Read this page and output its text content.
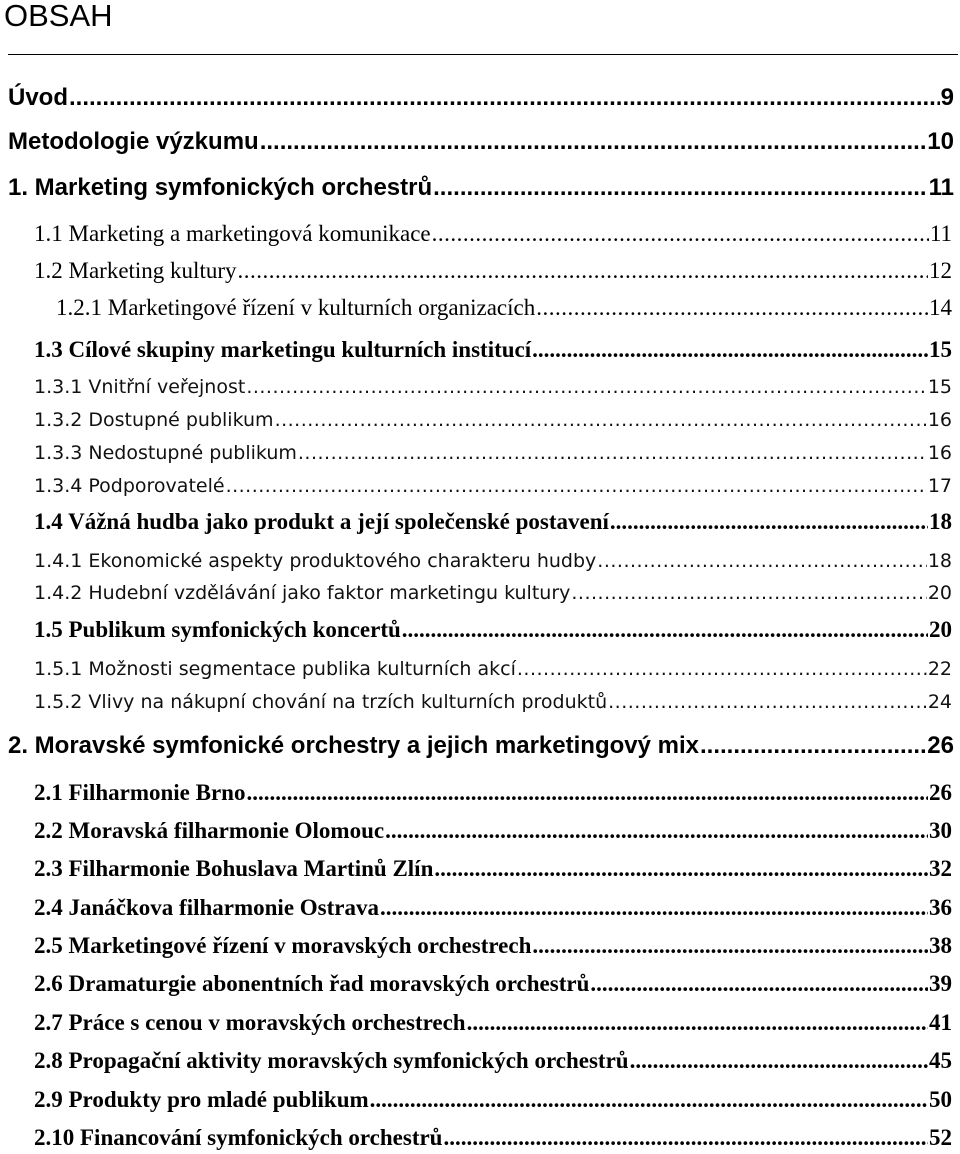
OBSAH
Úvod .....	9
Metodologie výzkumu .....	10
1. Marketing symfonických orchestrů .....	11
1.1 Marketing a marketingová komunikace .....	11
1.2 Marketing kultury .....	12
1.2.1 Marketingové řízení v kulturních organizacích .....	14
1.3 Cílové skupiny marketingu kulturních institucí .....	15
1.3.1 Vnitřní veřejnost .....	15
1.3.2 Dostupné publikum .....	16
1.3.3 Nedostupné publikum .....	16
1.3.4 Podporovatelé .....	17
1.4 Vážná hudba jako produkt a její společenské postavení .....	18
1.4.1 Ekonomické aspekty produktového charakteru hudby .....	18
1.4.2 Hudební vzdělávání jako faktor marketingu kultury .....	20
1.5 Publikum symfonických koncertů .....	20
1.5.1 Možnosti segmentace publika kulturních akcí .....	22
1.5.2 Vlivy na nákupní chování na trzích kulturních produktů .....	24
2. Moravské symfonické orchestry a jejich marketingový mix .....	26
2.1 Filharmonie Brno .....	26
2.2 Moravská filharmonie Olomouc .....	30
2.3 Filharmonie Bohuslava Martinů Zlín .....	32
2.4 Janáčkova filharmonie Ostrava .....	36
2.5 Marketingové řízení v moravských orchestrech .....	38
2.6 Dramaturgie abonentních řad moravských orchestrů .....	39
2.7 Práce s cenou v moravských orchestrech .....	41
2.8 Propagační aktivity moravských symfonických orchestrů .....	45
2.9 Produkty pro mladé publikum .....	50
2.10 Financování symfonických orchestrů .....	52
